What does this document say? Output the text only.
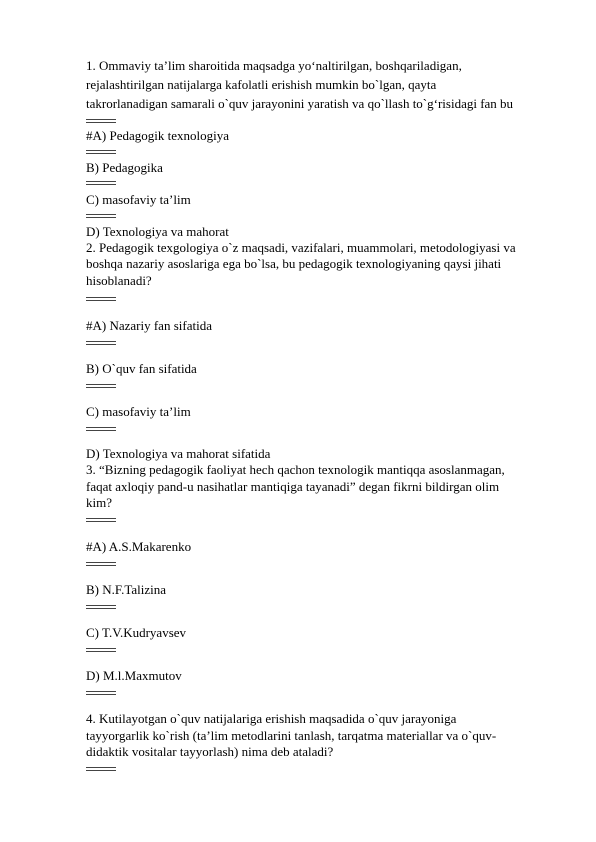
1. Ommaviy ta’lim sharoitida maqsadga yo‘naltirilgan, boshqariladigan,
rejalashtirilgan natijalarga kafolatli erishish mumkin bo`lgan, qayta
takrorlanadigan samarali o`quv jarayonini yaratish va qo`llash to`g‘risidagi fan bu
#A) Pedagogik texnologiya
B) Pedagogika
C) masofaviy ta’lim
D) Texnologiya va mahorat
2. Pedagogik texgologiya o`z maqsadi, vazifalari, muammolari, metodologiyasi va
boshqa nazariy asoslariga ega bo`lsa, bu pedagogik texnologiyaning qaysi jihati
hisoblanadi?
#A) Nazariy fan sifatida
B) O`quv fan sifatida
C) masofaviy ta’lim
D) Texnologiya va mahorat sifatida
3. “Bizning pedagogik faoliyat hech qachon texnologik mantiqqa asoslanmagan,
faqat axloqiy pand-u nasihatlar mantiqiga tayanadi” degan fikrni bildirgan olim
kim?
#A) A.S.Makarenko
B) N.F.Talizina
C) T.V.Kudryavsev
D) M.l.Maxmutov
4. Kutilayotgan o`quv natijalariga erishish maqsadida o`quv jarayoniga
tayyorgarlik ko`rish (ta’lim metodlarini tanlash, tarqatma materiallar va o`quv-
didaktik vositalar tayyorlash) nima deb ataladi?
